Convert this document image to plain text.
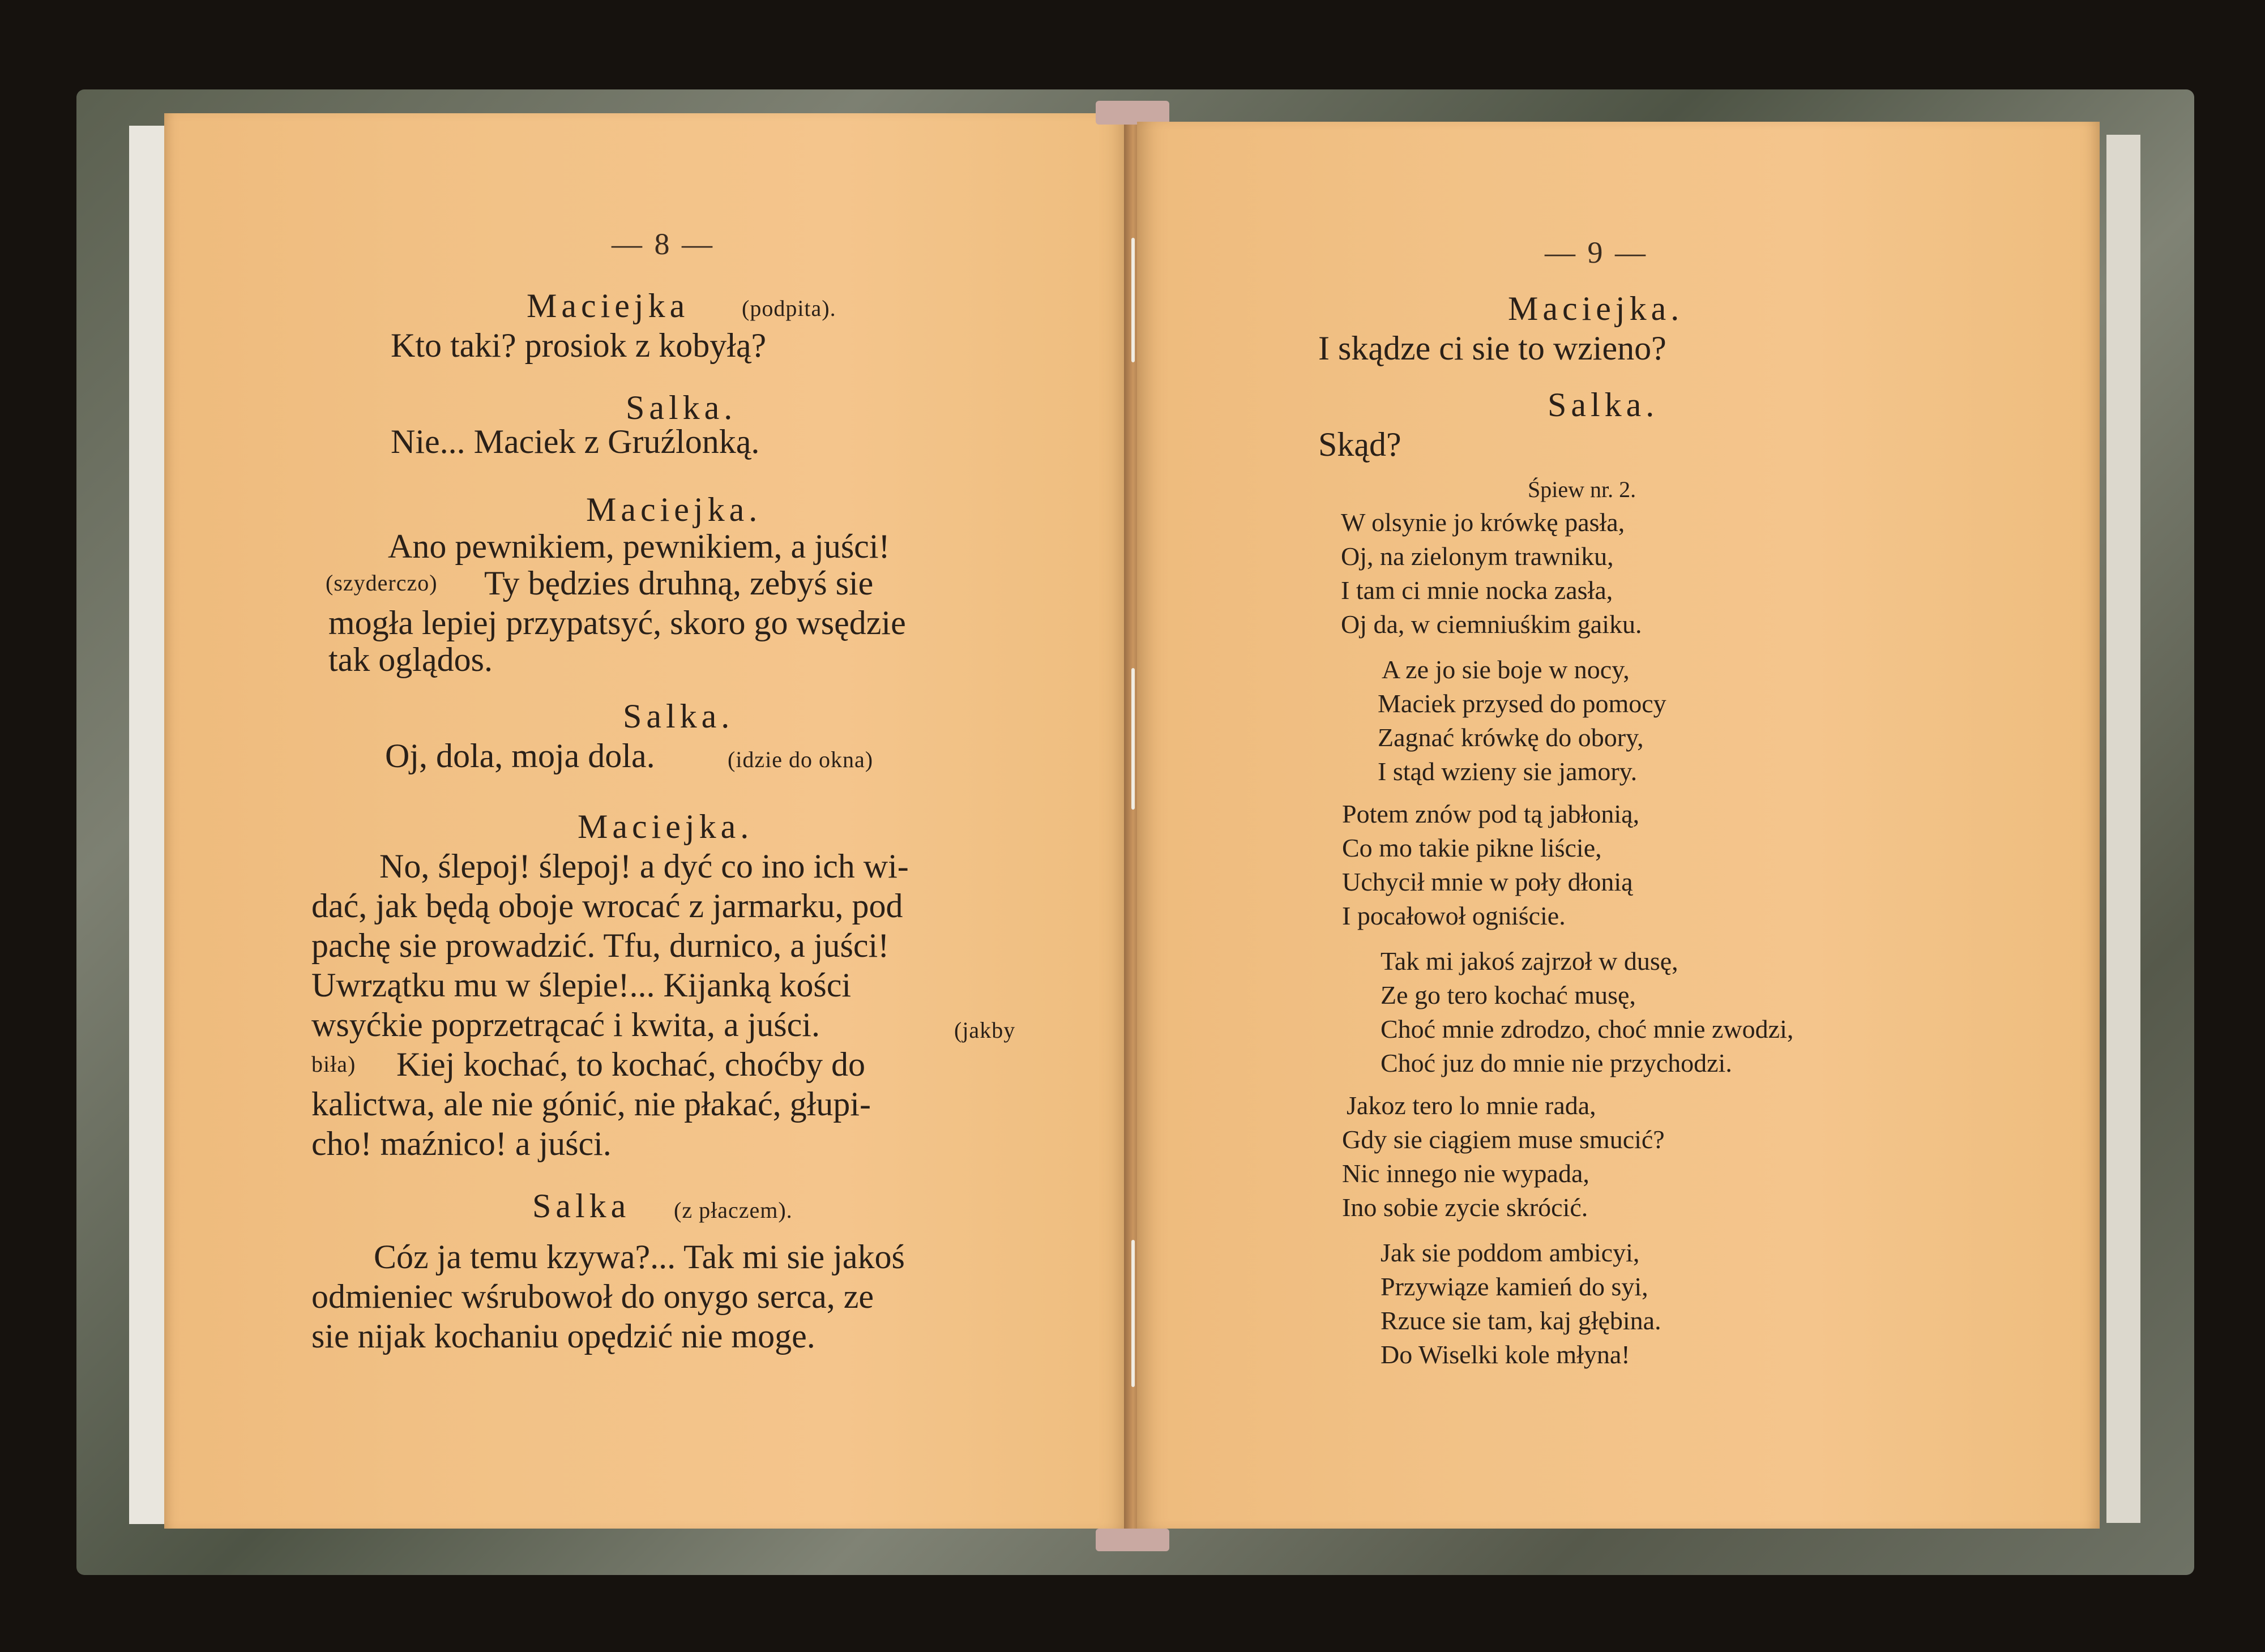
— 8 —
Maciejka (podpita).
Kto taki? prosiok z kobyłą?
Salka.
Nie... Maciek z Gruźlonką.
Maciejka.
Ano pewnikiem, pewnikiem, a juści!
(szyderczo) Ty będzies druhną, zebyś sie
mogła lepiej przypatsyć, skoro go wsędzie
tak oglądos.
Salka.
Oj, dola, moja dola.	(idzie do okna)
Maciejka.
No, ślepoj! ślepoj! a dyć co ino ich wi-
dać, jak będą oboje wrocać z jarmarku, pod
pachę sie prowadzić. Tfu, durnico, a juści!
Uwrzątku mu w ślepie!... Kijanką kości
wsyćkie poprzetrącać i kwita, a juści.	(jakby
biła) Kiej kochać, to kochać, choćby do
kalictwa, ale nie gónić, nie płakać, głupi-
cho! maźnico! a juści.
Salka (z płaczem).
Cóz ja temu kzywa?... Tak mi sie jakoś
odmieniec wśrubowoł do onygo serca, ze
sie nijak kochaniu opędzić nie moge.
— 9 —
Maciejka.
I skądze ci sie to wzieno?
Salka.
Skąd?
Śpiew nr. 2.
W olsynie jo krówkę pasła,
Oj, na zielonym trawniku,
I tam ci mnie nocka zasła,
Oj da, w ciemniuśkim gaiku.
A ze jo sie boje w nocy,
Maciek przysed do pomocy
Zagnać krówkę do obory,
I stąd wzieny sie jamory.
Potem znów pod tą jabłonią,
Co mo takie pikne liście,
Uchycił mnie w poły dłonią
I pocałowoł ogniście.
Tak mi jakoś zajrzoł w dusę,
Ze go tero kochać musę,
Choć mnie zdrodzo, choć mnie zwodzi,
Choć juz do mnie nie przychodzi.
Jakoz tero lo mnie rada,
Gdy sie ciągiem muse smucić?
Nic innego nie wypada,
Ino sobie zycie skrócić.
Jak sie poddom ambicyi,
Przywiąze kamień do syi,
Rzuce sie tam, kaj głębina.
Do Wiselki kole młyna!
